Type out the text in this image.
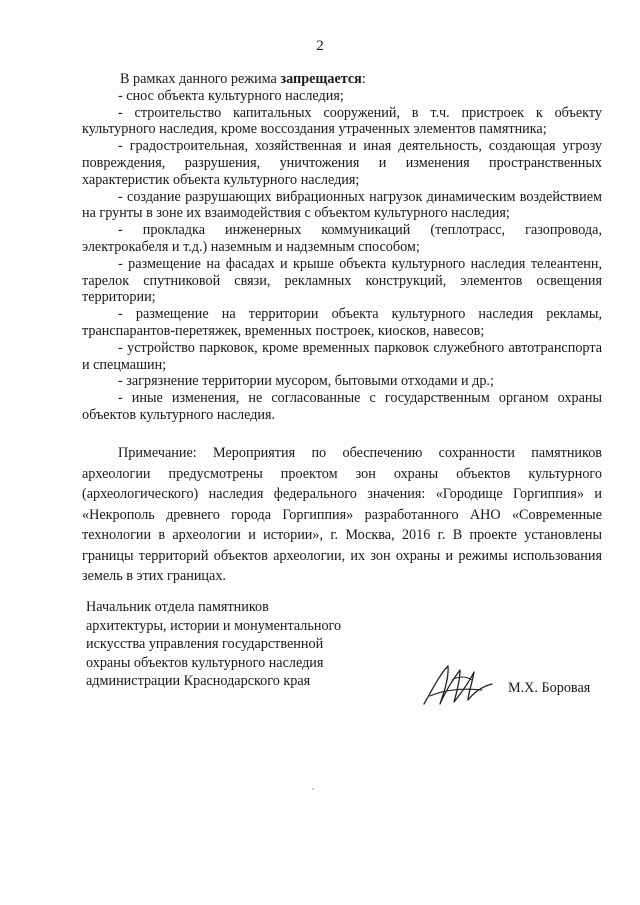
2

В рамках данного режима запрещается:

- снос объекта культурного наследия;

- строительство капитальных сооружений, в т.ч. пристроек к объекту культурного наследия, кроме воссоздания утраченных элементов памятника;

- градостроительная, хозяйственная и иная деятельность, создающая угрозу повреждения, разрушения, уничтожения и изменения пространственных характеристик объекта культурного наследия;

- создание разрушающих вибрационных нагрузок динамическим воздействием на грунты в зоне их взаимодействия с объектом культурного наследия;

- прокладка инженерных коммуникаций (теплотрасс, газопровода, электрокабеля и т.д.) наземным и надземным способом;

- размещение на фасадах и крыше объекта культурного наследия телеантенн, тарелок спутниковой связи, рекламных конструкций, элементов освещения территории;

- размещение на территории объекта культурного наследия рекламы, транспарантов-перетяжек, временных построек, киосков, навесов;

- устройство парковок, кроме временных парковок служебного автотранспорта и спецмашин;

- загрязнение территории мусором, бытовыми отходами и др.;

- иные изменения, не согласованные с государственным органом охраны объектов культурного наследия.

Примечание: Мероприятия по обеспечению сохранности памятников археологии предусмотрены проектом зон охраны объектов культурного (археологического) наследия федерального значения: «Городище Горгиппия» и «Некрополь древнего города Горгиппия» разработанного АНО «Современные технологии в археологии и истории», г. Москва, 2016 г. В проекте установлены границы территорий объектов археологии, их зон охраны и режимы использования земель в этих границах.
Начальник отдела памятников
архитектуры, истории и монументального
искусства управления государственной
охраны объектов культурного наследия
администрации Краснодарского края	М.Х. Боровая
